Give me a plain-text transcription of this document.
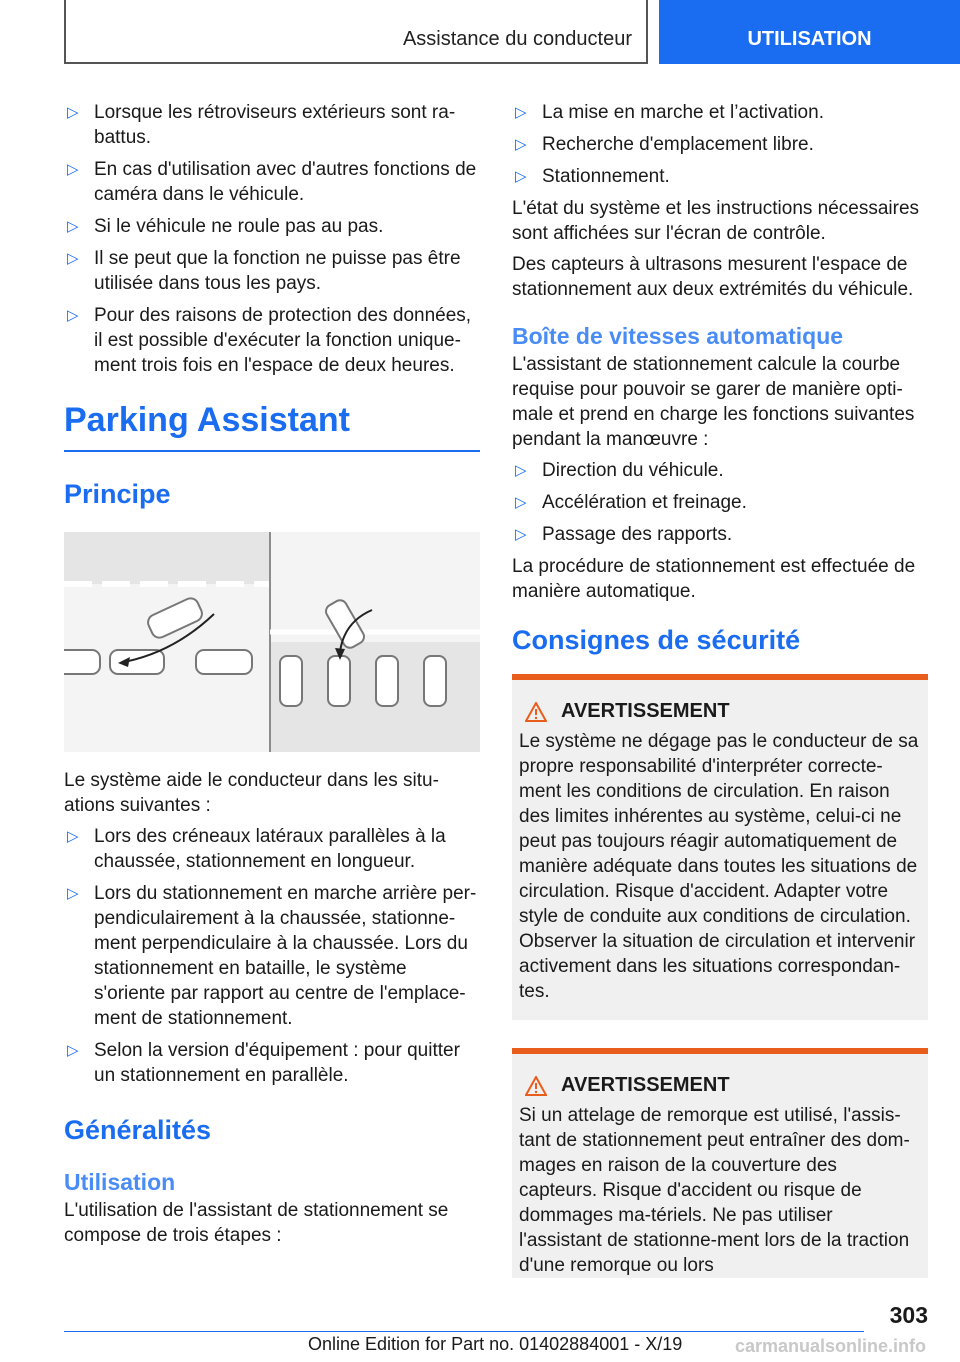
Assistance du conducteur	UTILISATION
▷ Lorsque les rétroviseurs extérieurs sont ra-battus.
▷ En cas d'utilisation avec d'autres fonctions de caméra dans le véhicule.
▷ Si le véhicule ne roule pas au pas.
▷ Il se peut que la fonction ne puisse pas être utilisée dans tous les pays.
▷ Pour des raisons de protection des données, il est possible d'exécuter la fonction unique-ment trois fois en l'espace de deux heures.
Parking Assistant
Principe

Le système aide le conducteur dans les situ-ations suivantes :

▷ Lors des créneaux latéraux parallèles à la chaussée, stationnement en longueur.
▷ Lors du stationnement en marche arrière per-pendiculairement à la chaussée, stationne-ment perpendiculaire à la chaussée. Lors du stationnement en bataille, le système s'oriente par rapport au centre de l'emplace-ment de stationnement.
▷ Selon la version d'équipement : pour quitter un stationnement en parallèle.
Généralités
Utilisation

L'utilisation de l'assistant de stationnement se compose de trois étapes :

▷ La mise en marche et l’activation.
▷ Recherche d'emplacement libre.
▷ Stationnement.

L'état du système et les instructions nécessaires sont affichées sur l'écran de contrôle.

Des capteurs à ultrasons mesurent l'espace de stationnement aux deux extrémités du véhicule.

Boîte de vitesses automatique

L'assistant de stationnement calcule la courbe requise pour pouvoir se garer de manière opti-male et prend en charge les fonctions suivantes pendant la manœuvre :

▷ Direction du véhicule.
▷ Accélération et freinage.
▷ Passage des rapports.

La procédure de stationnement est effectuée de manière automatique.

Consignes de sécurité
AVERTISSEMENT

Le système ne dégage pas le conducteur de sa propre responsabilité d'interpréter correcte-ment les conditions de circulation. En raison des limites inhérentes au système, celui-ci ne peut pas toujours réagir automatiquement de manière adéquate dans toutes les situations de circulation. Risque d'accident. Adapter votre style de conduite aux conditions de circulation. Observer la situation de circulation et intervenir activement dans les situations correspondan-tes.

AVERTISSEMENT

Si un attelage de remorque est utilisé, l'assis-tant de stationnement peut entraîner des dom-mages en raison de la couverture des capteurs. Risque d'accident ou risque de dommages ma-tériels. Ne pas utiliser l'assistant de stationne-ment lors de la traction d'une remorque ou lors

303
Online Edition for Part no. 01402884001 - X/19	carmanualsonline.info
